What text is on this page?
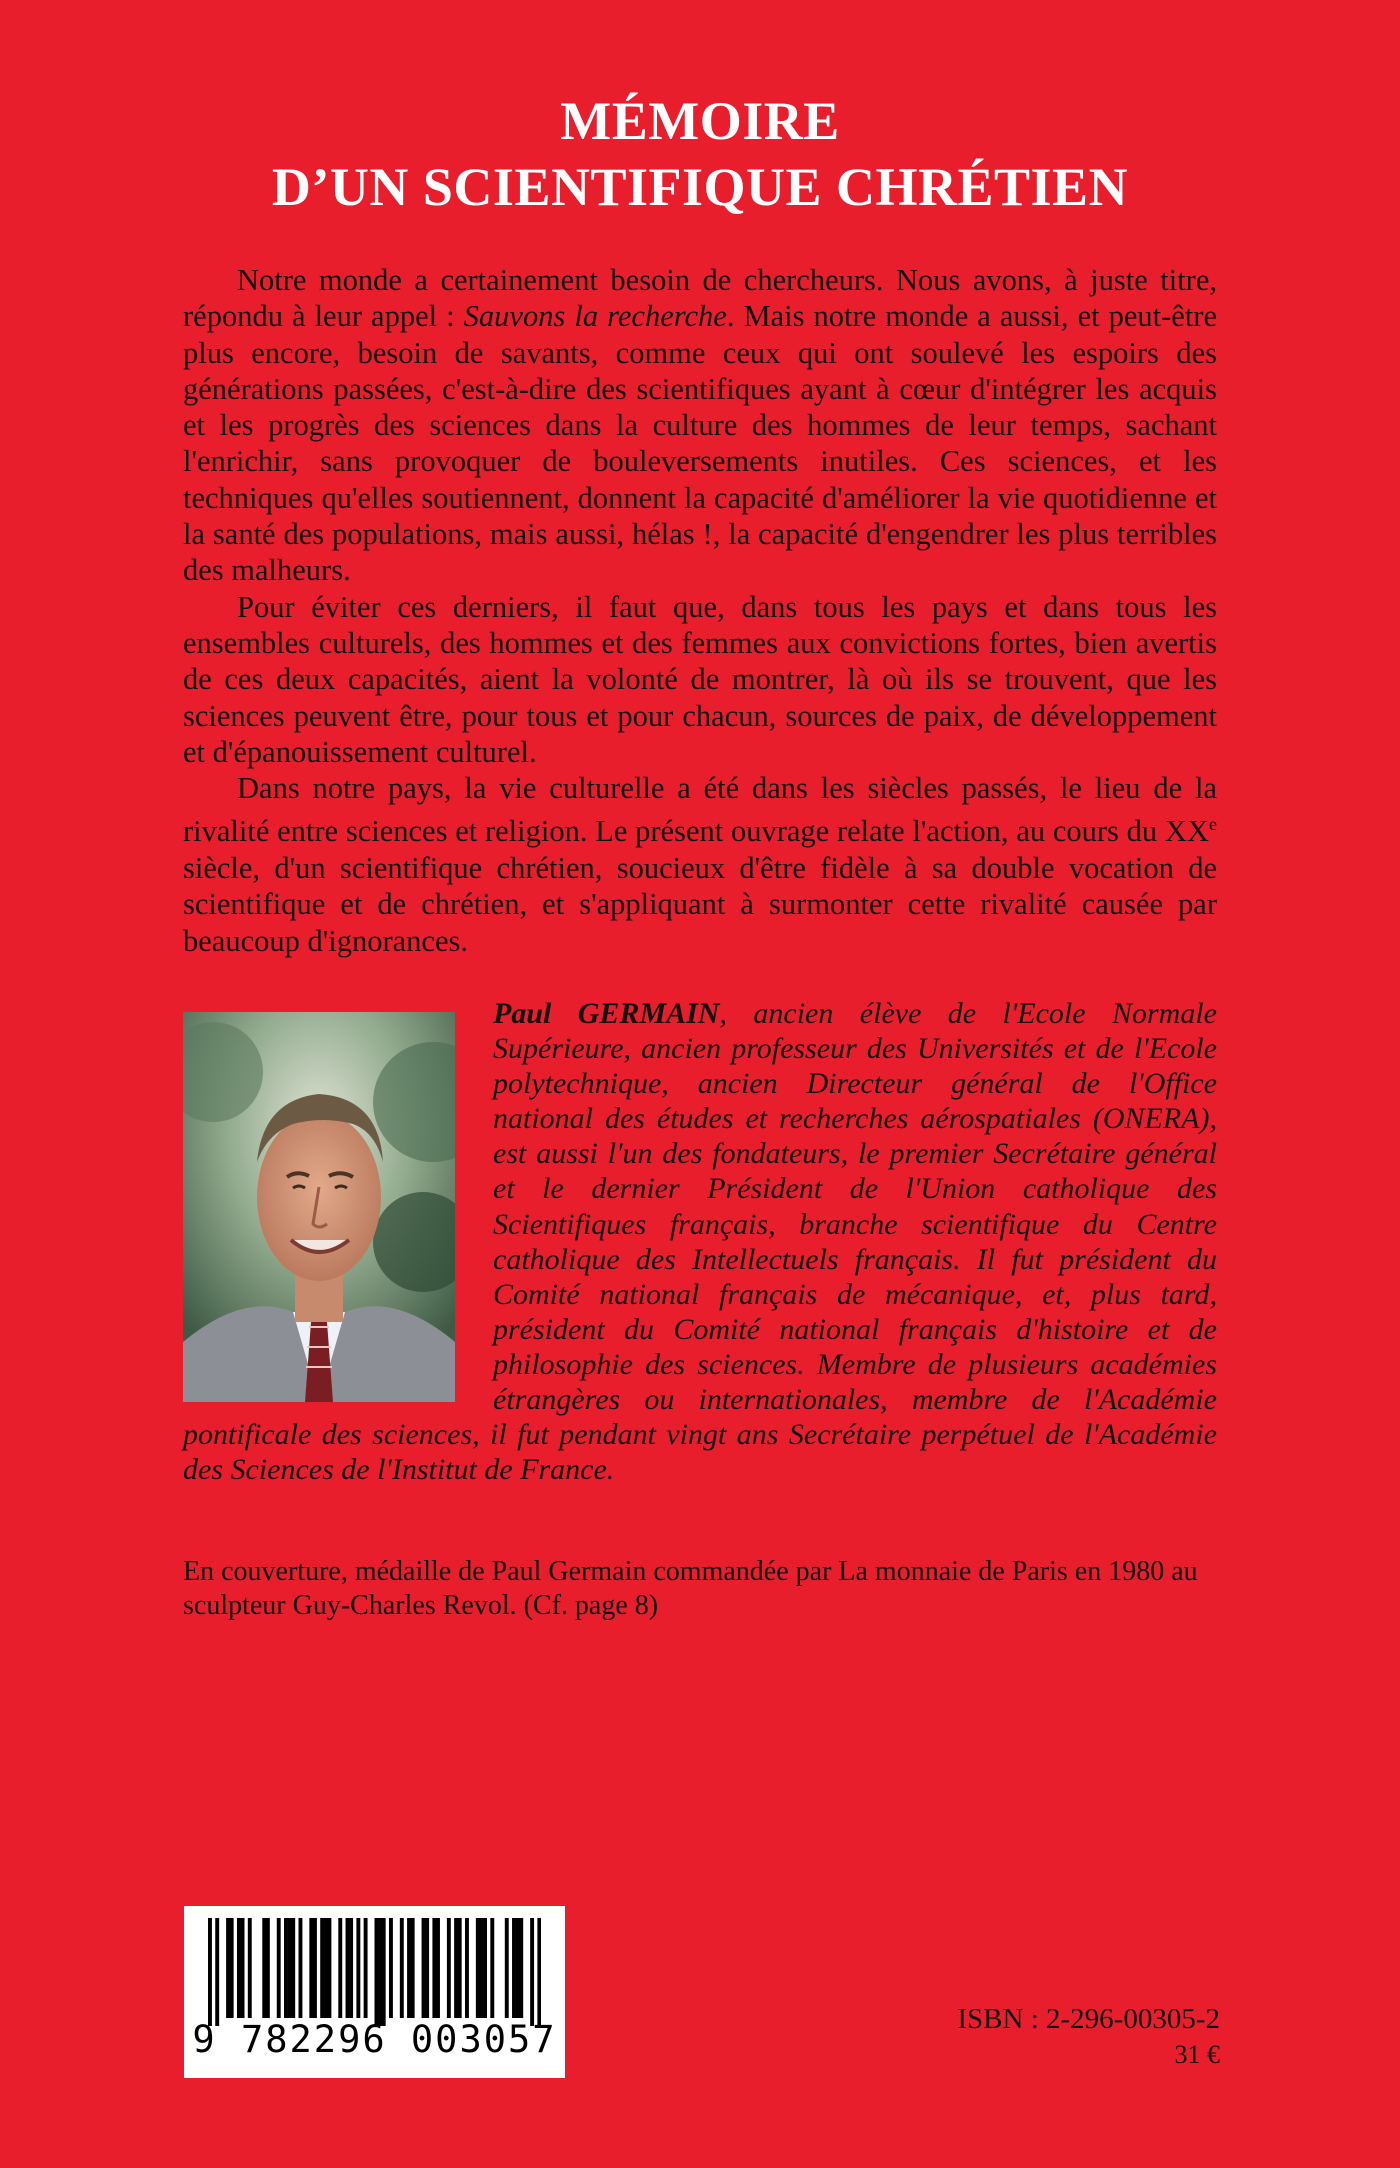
MÉMOIRE
D’UN SCIENTIFIQUE CHRÉTIEN

Notre monde a certainement besoin de chercheurs. Nous avons, à juste titre, répondu à leur appel : Sauvons la recherche. Mais notre monde a aussi, et peut-être plus encore, besoin de savants, comme ceux qui ont soulevé les espoirs des générations passées, c'est-à-dire des scientifiques ayant à cœur d'intégrer les acquis et les progrès des sciences dans la culture des hommes de leur temps, sachant l'enrichir, sans provoquer de bouleversements inutiles. Ces sciences, et les techniques qu'elles soutiennent, donnent la capacité d'améliorer la vie quotidienne et la santé des populations, mais aussi, hélas !, la capacité d'engendrer les plus terribles des malheurs.

Pour éviter ces derniers, il faut que, dans tous les pays et dans tous les ensembles culturels, des hommes et des femmes aux convictions fortes, bien avertis de ces deux capacités, aient la volonté de montrer, là où ils se trouvent, que les sciences peuvent être, pour tous et pour chacun, sources de paix, de développement et d'épanouissement culturel.

Dans notre pays, la vie culturelle a été dans les siècles passés, le lieu de la rivalité entre sciences et religion. Le présent ouvrage relate l'action, au cours du XXe siècle, d'un scientifique chrétien, soucieux d'être fidèle à sa double vocation de scientifique et de chrétien, et s'appliquant à surmonter cette rivalité causée par beaucoup d'ignorances.

Paul GERMAIN, ancien élève de l'Ecole Normale Supérieure, ancien professeur des Universités et de l'Ecole polytechnique, ancien Directeur général de l'Office national des études et recherches aérospatiales (ONERA), est aussi l'un des fondateurs, le premier Secrétaire général et le dernier Président de l'Union catholique des Scientifiques français, branche scientifique du Centre catholique des Intellectuels français. Il fut président du Comité national français de mécanique, et, plus tard, président du Comité national français d'histoire et de philosophie des sciences. Membre de plusieurs académies étrangères ou internationales, membre de l'Académie pontificale des sciences, il fut pendant vingt ans Secrétaire perpétuel de l'Académie des Sciences de l'Institut de France.
En couverture, médaille de Paul Germain commandée par La monnaie de Paris en 1980 au sculpteur Guy-Charles Revol. (Cf. page 8)
9 782296 003057	ISBN : 2-296-00305-2
31 €
